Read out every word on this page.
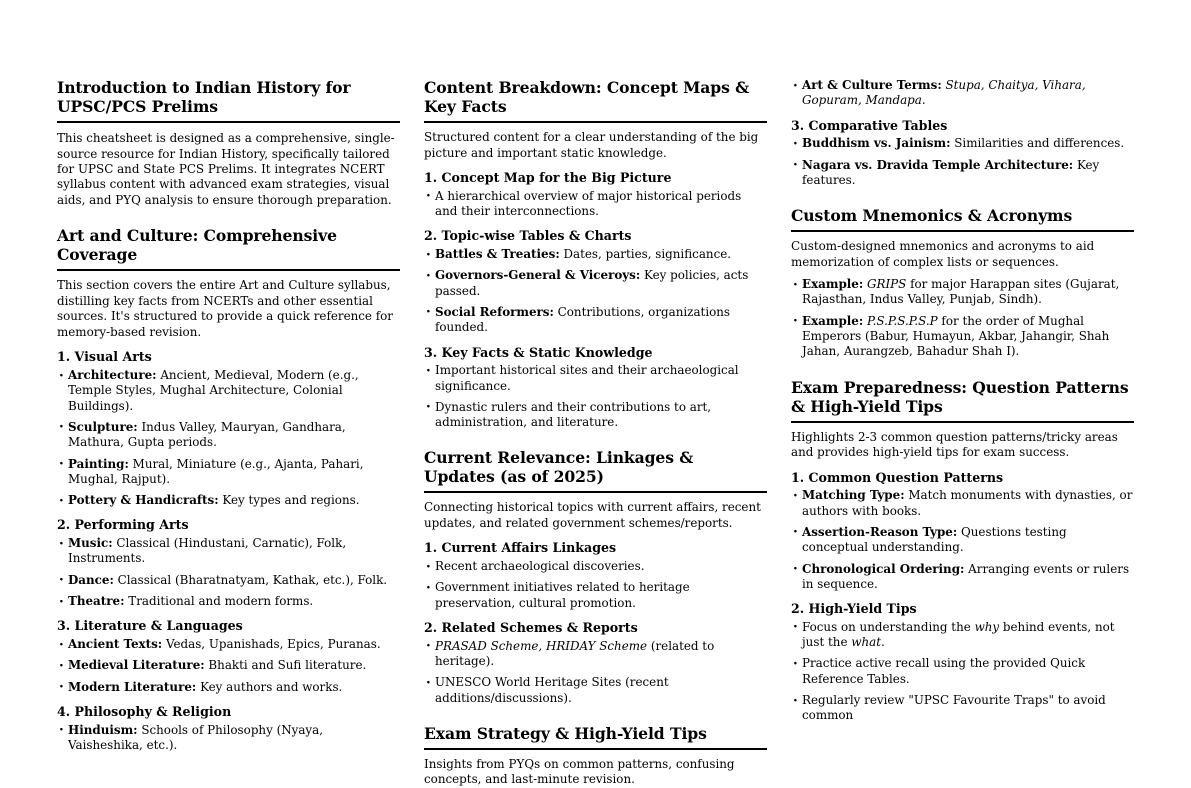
Introduction to Indian History for UPSC/PCS Prelims

This cheatsheet is designed as a comprehensive, single-source resource for Indian History, specifically tailored for UPSC and State PCS Prelims. It integrates NCERT syllabus content with advanced exam strategies, visual aids, and PYQ analysis to ensure thorough preparation.

Art and Culture: Comprehensive Coverage

This section covers the entire Art and Culture syllabus, distilling key facts from NCERTs and other essential sources. It's structured to provide a quick reference for memory-based revision.

1. Visual Arts
· Architecture: Ancient, Medieval, Modern (e.g., Temple Styles, Mughal Architecture, Colonial Buildings).
· Sculpture: Indus Valley, Mauryan, Gandhara, Mathura, Gupta periods.
· Painting: Mural, Miniature (e.g., Ajanta, Pahari, Mughal, Rajput).
· Pottery & Handicrafts: Key types and regions.
2. Performing Arts
· Music: Classical (Hindustani, Carnatic), Folk, Instruments.
· Dance: Classical (Bharatnatyam, Kathak, etc.), Folk.
· Theatre: Traditional and modern forms.
3. Literature & Languages
· Ancient Texts: Vedas, Upanishads, Epics, Puranas.
· Medieval Literature: Bhakti and Sufi literature.
· Modern Literature: Key authors and works.
4. Philosophy & Religion
· Hinduism: Schools of Philosophy (Nyaya, Vaisheshika, etc.).
Content Breakdown: Concept Maps & Key Facts

Structured content for a clear understanding of the big picture and important static knowledge.

1. Concept Map for the Big Picture
· A hierarchical overview of major historical periods and their interconnections.
2. Topic-wise Tables & Charts
· Battles & Treaties: Dates, parties, significance.
· Governors-General & Viceroys: Key policies, acts passed.
· Social Reformers: Contributions, organizations founded.
3. Key Facts & Static Knowledge
· Important historical sites and their archaeological significance.
· Dynastic rulers and their contributions to art, administration, and literature.
Current Relevance: Linkages & Updates (as of 2025)

Connecting historical topics with current affairs, recent updates, and related government schemes/reports.

1. Current Affairs Linkages
· Recent archaeological discoveries.
· Government initiatives related to heritage preservation, cultural promotion.
2. Related Schemes & Reports
· PRASAD Scheme, HRIDAY Scheme (related to heritage).
· UNESCO World Heritage Sites (recent additions/discussions).
Exam Strategy & High-Yield Tips

Insights from PYQs on common patterns, confusing concepts, and last-minute revision.

· Art & Culture Terms: Stupa, Chaitya, Vihara, Gopuram, Mandapa.
3. Comparative Tables
· Buddhism vs. Jainism: Similarities and differences.
· Nagara vs. Dravida Temple Architecture: Key features.
Custom Mnemonics & Acronyms

Custom-designed mnemonics and acronyms to aid memorization of complex lists or sequences.

· Example: GRIPS for major Harappan sites (Gujarat, Rajasthan, Indus Valley, Punjab, Sindh).
· Example: P.S.P.S.P.S.P for the order of Mughal Emperors (Babur, Humayun, Akbar, Jahangir, Shah Jahan, Aurangzeb, Bahadur Shah I).
Exam Preparedness: Question Patterns & High-Yield Tips

Highlights 2-3 common question patterns/tricky areas and provides high-yield tips for exam success.

1. Common Question Patterns
· Matching Type: Match monuments with dynasties, or authors with books.
· Assertion-Reason Type: Questions testing conceptual understanding.
· Chronological Ordering: Arranging events or rulers in sequence.
2. High-Yield Tips
· Focus on understanding the why behind events, not just the what.
· Practice active recall using the provided Quick Reference Tables.
· Regularly review "UPSC Favourite Traps" to avoid common
